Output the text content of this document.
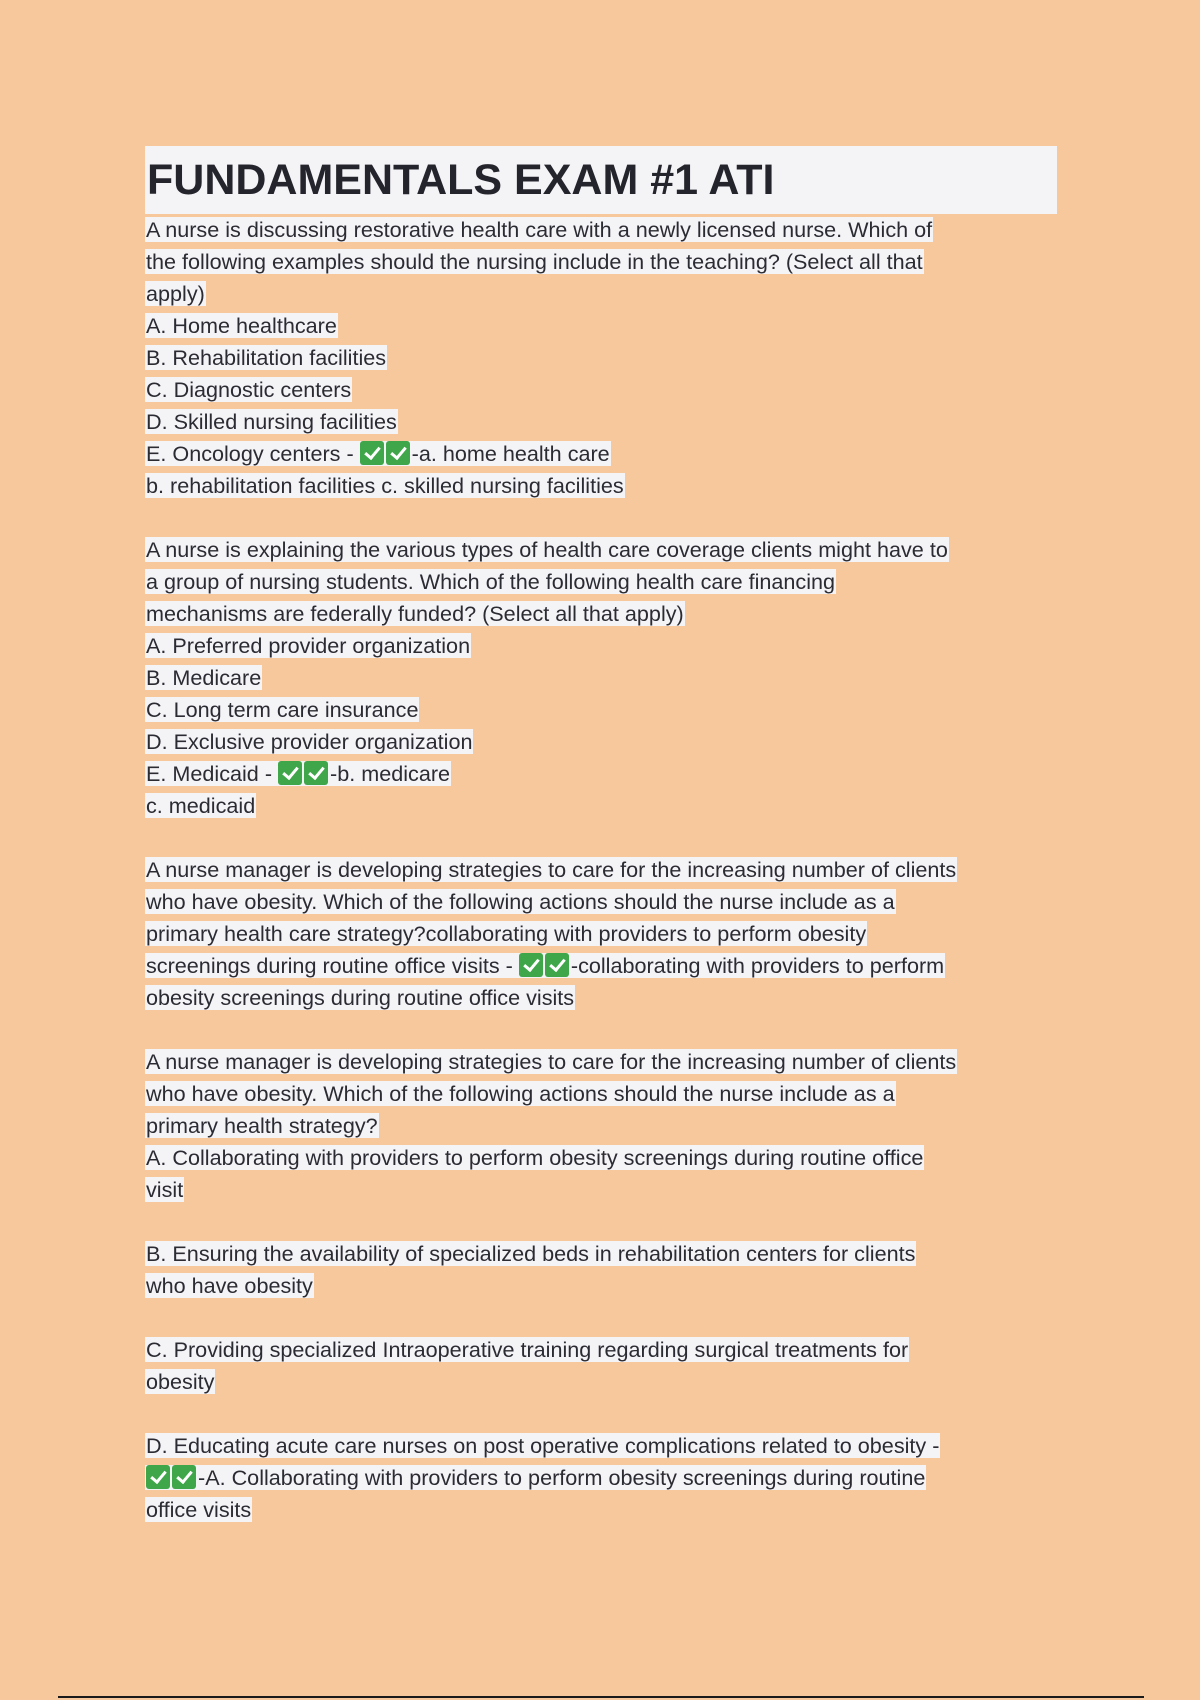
FUNDAMENTALS EXAM #1 ATI
A nurse is discussing restorative health care with a newly licensed nurse. Which of
the following examples should the nursing include in the teaching? (Select all that
apply)
A. Home healthcare
B. Rehabilitation facilities
C. Diagnostic centers
D. Skilled nursing facilities
E. Oncology centers - -a. home health care
b. rehabilitation facilities c. skilled nursing facilities
A nurse is explaining the various types of health care coverage clients might have to
a group of nursing students. Which of the following health care financing
mechanisms are federally funded? (Select all that apply)
A. Preferred provider organization
B. Medicare
C. Long term care insurance
D. Exclusive provider organization
E. Medicaid - -b. medicare
c. medicaid
A nurse manager is developing strategies to care for the increasing number of clients
who have obesity. Which of the following actions should the nurse include as a
primary health care strategy?collaborating with providers to perform obesity
screenings during routine office visits - -collaborating with providers to perform
obesity screenings during routine office visits
A nurse manager is developing strategies to care for the increasing number of clients
who have obesity. Which of the following actions should the nurse include as a
primary health strategy?
A. Collaborating with providers to perform obesity screenings during routine office
visit
B. Ensuring the availability of specialized beds in rehabilitation centers for clients
who have obesity
C. Providing specialized Intraoperative training regarding surgical treatments for
obesity
D. Educating acute care nurses on post operative complications related to obesity -
-A. Collaborating with providers to perform obesity screenings during routine
office visits
